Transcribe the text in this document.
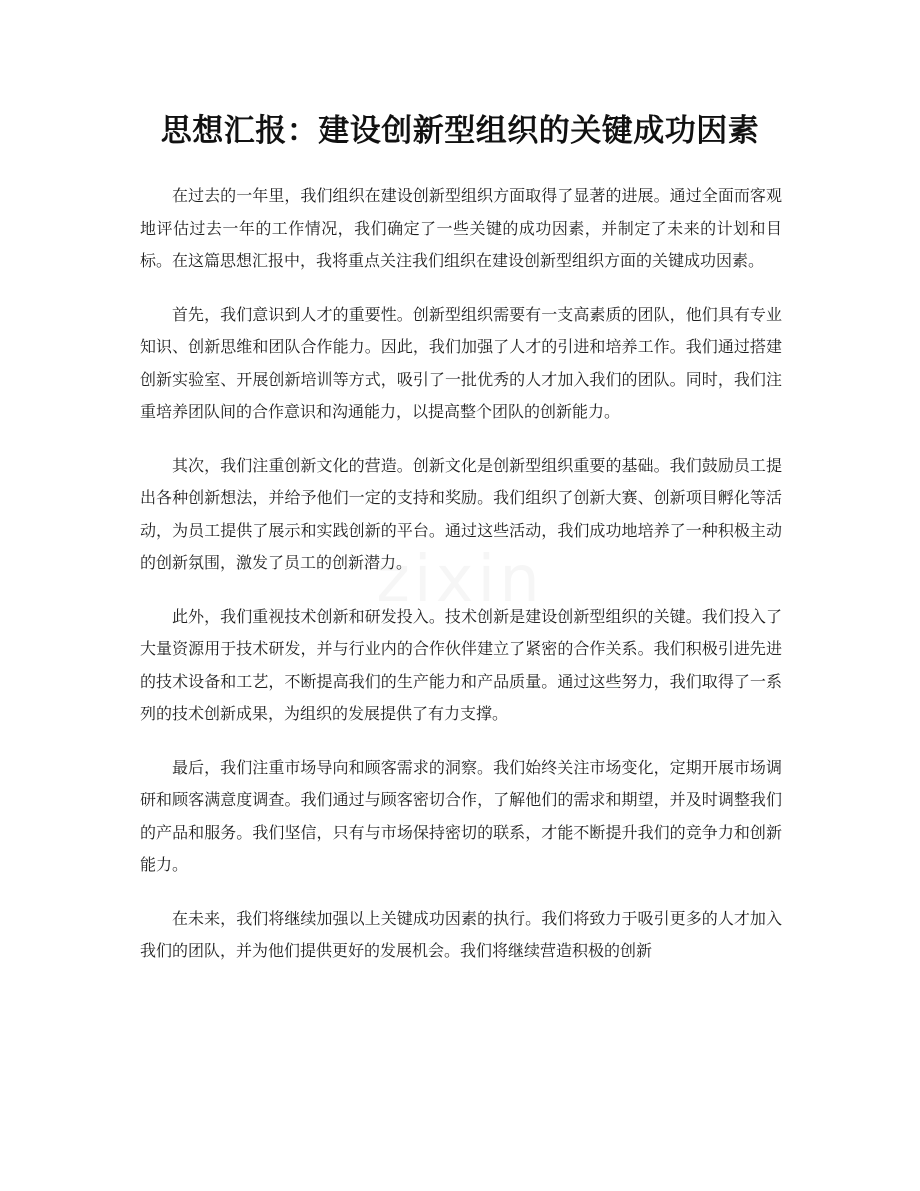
思想汇报：建设创新型组织的关键成功因素

在过去的一年里，我们组织在建设创新型组织方面取得了显著的进展。通过全面而客观地评估过去一年的工作情况，我们确定了一些关键的成功因素，并制定了未来的计划和目标。在这篇思想汇报中，我将重点关注我们组织在建设创新型组织方面的关键成功因素。

首先，我们意识到人才的重要性。创新型组织需要有一支高素质的团队，他们具有专业知识、创新思维和团队合作能力。因此，我们加强了人才的引进和培养工作。我们通过搭建创新实验室、开展创新培训等方式，吸引了一批优秀的人才加入我们的团队。同时，我们注重培养团队间的合作意识和沟通能力，以提高整个团队的创新能力。

其次，我们注重创新文化的营造。创新文化是创新型组织重要的基础。我们鼓励员工提出各种创新想法，并给予他们一定的支持和奖励。我们组织了创新大赛、创新项目孵化等活动，为员工提供了展示和实践创新的平台。通过这些活动，我们成功地培养了一种积极主动的创新氛围，激发了员工的创新潜力。

此外，我们重视技术创新和研发投入。技术创新是建设创新型组织的关键。我们投入了大量资源用于技术研发，并与行业内的合作伙伴建立了紧密的合作关系。我们积极引进先进的技术设备和工艺，不断提高我们的生产能力和产品质量。通过这些努力，我们取得了一系列的技术创新成果，为组织的发展提供了有力支撑。

最后，我们注重市场导向和顾客需求的洞察。我们始终关注市场变化，定期开展市场调研和顾客满意度调查。我们通过与顾客密切合作，了解他们的需求和期望，并及时调整我们的产品和服务。我们坚信，只有与市场保持密切的联系，才能不断提升我们的竞争力和创新能力。

在未来，我们将继续加强以上关键成功因素的执行。我们将致力于吸引更多的人才加入我们的团队，并为他们提供更好的发展机会。我们将继续营造积极的创新
